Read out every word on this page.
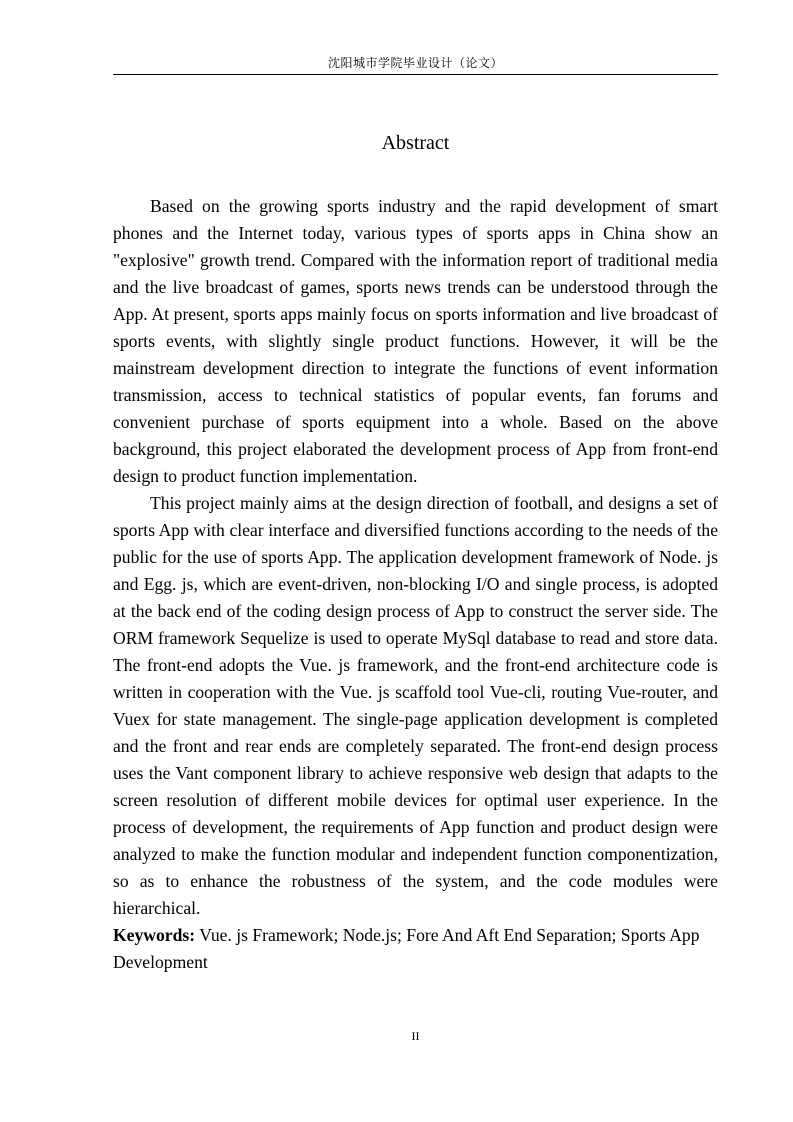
沈阳城市学院毕业设计（论文）
Abstract

Based on the growing sports industry and the rapid development of smart phones and the Internet today, various types of sports apps in China show an "explosive" growth trend. Compared with the information report of traditional media and the live broadcast of games, sports news trends can be understood through the App. At present, sports apps mainly focus on sports information and live broadcast of sports events, with slightly single product functions. However, it will be the mainstream development direction to integrate the functions of event information transmission, access to technical statistics of popular events, fan forums and convenient purchase of sports equipment into a whole. Based on the above background, this project elaborated the development process of App from front-end design to product function implementation.

This project mainly aims at the design direction of football, and designs a set of sports App with clear interface and diversified functions according to the needs of the public for the use of sports App. The application development framework of Node. js and Egg. js, which are event-driven, non-blocking I/O and single process, is adopted at the back end of the coding design process of App to construct the server side. The ORM framework Sequelize is used to operate MySql database to read and store data. The front-end adopts the Vue. js framework, and the front-end architecture code is written in cooperation with the Vue. js scaffold tool Vue-cli, routing Vue-router, and Vuex for state management. The single-page application development is completed and the front and rear ends are completely separated. The front-end design process uses the Vant component library to achieve responsive web design that adapts to the screen resolution of different mobile devices for optimal user experience. In the process of development, the requirements of App function and product design were analyzed to make the function modular and independent function componentization, so as to enhance the robustness of the system, and the code modules were hierarchical.

Keywords: Vue. js Framework; Node.js; Fore And Aft End Separation; Sports App Development

II
